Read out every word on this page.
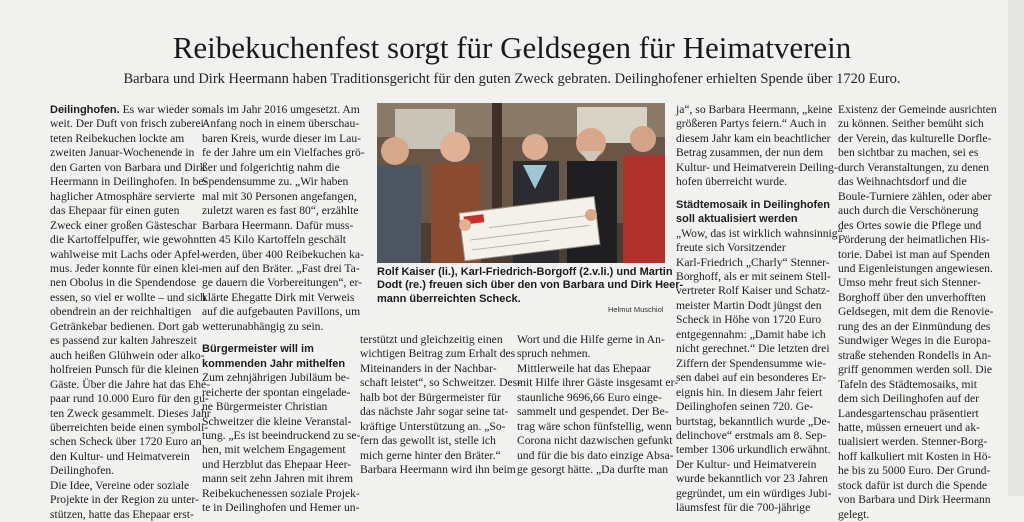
Reibekuchenfest sorgt für Geldsegen für Heimatverein
Barbara und Dirk Heermann haben Traditionsgericht für den guten Zweck gebraten. Deilinghofener erhielten Spende über 1720 Euro.
Deilinghofen. Es war wieder so-
weit. Der Duft von frisch zuberei-
teten Reibekuchen lockte am
zweiten Januar-Wochenende in
den Garten von Barbara und Dirk
Heermann in Deilinghofen. In be-
haglicher Atmosphäre servierte
das Ehepaar für einen guten
Zweck einer großen Gästeschar
die Kartoffelpuffer, wie gewohnt
wahlweise mit Lachs oder Apfel-
mus. Jeder konnte für einen klei-
nen Obolus in die Spendendose
essen, so viel er wollte – und sich
obendrein an der reichhaltigen
Getränkebar bedienen. Dort gab
es passend zur kalten Jahreszeit
auch heißen Glühwein oder alko-
holfreien Punsch für die kleinen
Gäste. Über die Jahre hat das Ehe-
paar rund 10.000 Euro für den gu-
ten Zweck gesammelt. Dieses Jahr
überreichten beide einen symboli-
schen Scheck über 1720 Euro an
den Kultur- und Heimatverein
Deilinghofen.
Die Idee, Vereine oder soziale
Projekte in der Region zu unter-
stützen, hatte das Ehepaar erst-
mals im Jahr 2016 umgesetzt. Am
Anfang noch in einem überschau-
baren Kreis, wurde dieser im Lau-
fe der Jahre um ein Vielfaches grö-
ßer und folgerichtig nahm die
Spendensumme zu. „Wir haben
mal mit 30 Personen angefangen,
zuletzt waren es fast 80“, erzählte
Barbara Heermann. Dafür muss-
ten 45 Kilo Kartoffeln geschält
werden, über 400 Reibekuchen ka-
men auf den Bräter. „Fast drei Ta-
ge dauern die Vorbereitungen“, er-
klärte Ehegatte Dirk mit Verweis
auf die aufgebauten Pavillons, um
wetterunabhängig zu sein.
Bürgermeister will im
kommenden Jahr mithelfen
Zum zehnjährigen Jubiläum be-
reicherte der spontan eingelade-
ne Bürgermeister Christian
Schweitzer die kleine Veranstal-
tung. „Es ist beeindruckend zu se-
hen, mit welchem Engagement
und Herzblut das Ehepaar Heer-
mann seit zehn Jahren mit ihrem
Reibekuchenessen soziale Projek-
te in Deilinghofen und Hemer un-
Rolf Kaiser (li.), Karl-Friedrich-Borgoff (2.v.li.) und Martin
Dodt (re.) freuen sich über den von Barbara und Dirk Heer-
mann überreichten Scheck.
Helmut Muschiol
terstützt und gleichzeitig einen
wichtigen Beitrag zum Erhalt des
Miteinanders in der Nachbar-
schaft leistet“, so Schweitzer. Des-
halb bot der Bürgermeister für
das nächste Jahr sogar seine tat-
kräftige Unterstützung an. „So-
fern das gewollt ist, stelle ich
mich gerne hinter den Bräter.“
Barbara Heermann wird ihn beim
Wort und die Hilfe gerne in An-
spruch nehmen.
Mittlerweile hat das Ehepaar
mit Hilfe ihrer Gäste insgesamt er-
staunliche 9696,66 Euro einge-
sammelt und gespendet. Der Be-
trag wäre schon fünfstellig, wenn
Corona nicht dazwischen gefunkt
und für die bis dato einzige Absa-
ge gesorgt hätte. „Da durfte man
ja“, so Barbara Heermann, „keine
größeren Partys feiern.“ Auch in
diesem Jahr kam ein beachtlicher
Betrag zusammen, der nun dem
Kultur- und Heimatverein Deiling-
hofen überreicht wurde.
Städtemosaik in Deilinghofen
soll aktualisiert werden
„Wow, das ist wirklich wahnsinnig“,
freute sich Vorsitzender
Karl-Friedrich „Charly“ Stenner-
Borghoff, als er mit seinem Stell-
vertreter Rolf Kaiser und Schatz-
meister Martin Dodt jüngst den
Scheck in Höhe von 1720 Euro
entgegennahm: „Damit habe ich
nicht gerechnet.“ Die letzten drei
Ziffern der Spendensumme wie-
sen dabei auf ein besonderes Er-
eignis hin. In diesem Jahr feiert
Deilinghofen seinen 720. Ge-
burtstag, bekanntlich wurde „De-
delinchove“ erstmals am 8. Sep-
tember 1306 urkundlich erwähnt.
Der Kultur- und Heimatverein
wurde bekanntlich vor 23 Jahren
gegründet, um ein würdiges Jubi-
läumsfest für die 700-jährige
Existenz der Gemeinde ausrichten
zu können. Seither bemüht sich
der Verein, das kulturelle Dorfle-
ben sichtbar zu machen, sei es
durch Veranstaltungen, zu denen
das Weihnachtsdorf und die
Boule-Turniere zählen, oder aber
auch durch die Verschönerung
des Ortes sowie die Pflege und
Förderung der heimatlichen His-
torie. Dabei ist man auf Spenden
und Eigenleistungen angewiesen.
Umso mehr freut sich Stenner-
Borghoff über den unverhofften
Geldsegen, mit dem die Renovie-
rung des an der Einmündung des
Sundwiger Weges in die Europa-
straße stehenden Rondells in An-
griff genommen werden soll. Die
Tafeln des Städtemosaiks, mit
dem sich Deilinghofen auf der
Landesgartenschau präsentiert
hatte, müssen erneuert und ak-
tualisiert werden. Stenner-Borg-
hoff kalkuliert mit Kosten in Hö-
he bis zu 5000 Euro. Der Grund-
stock dafür ist durch die Spende
von Barbara und Dirk Heermann
gelegt.
